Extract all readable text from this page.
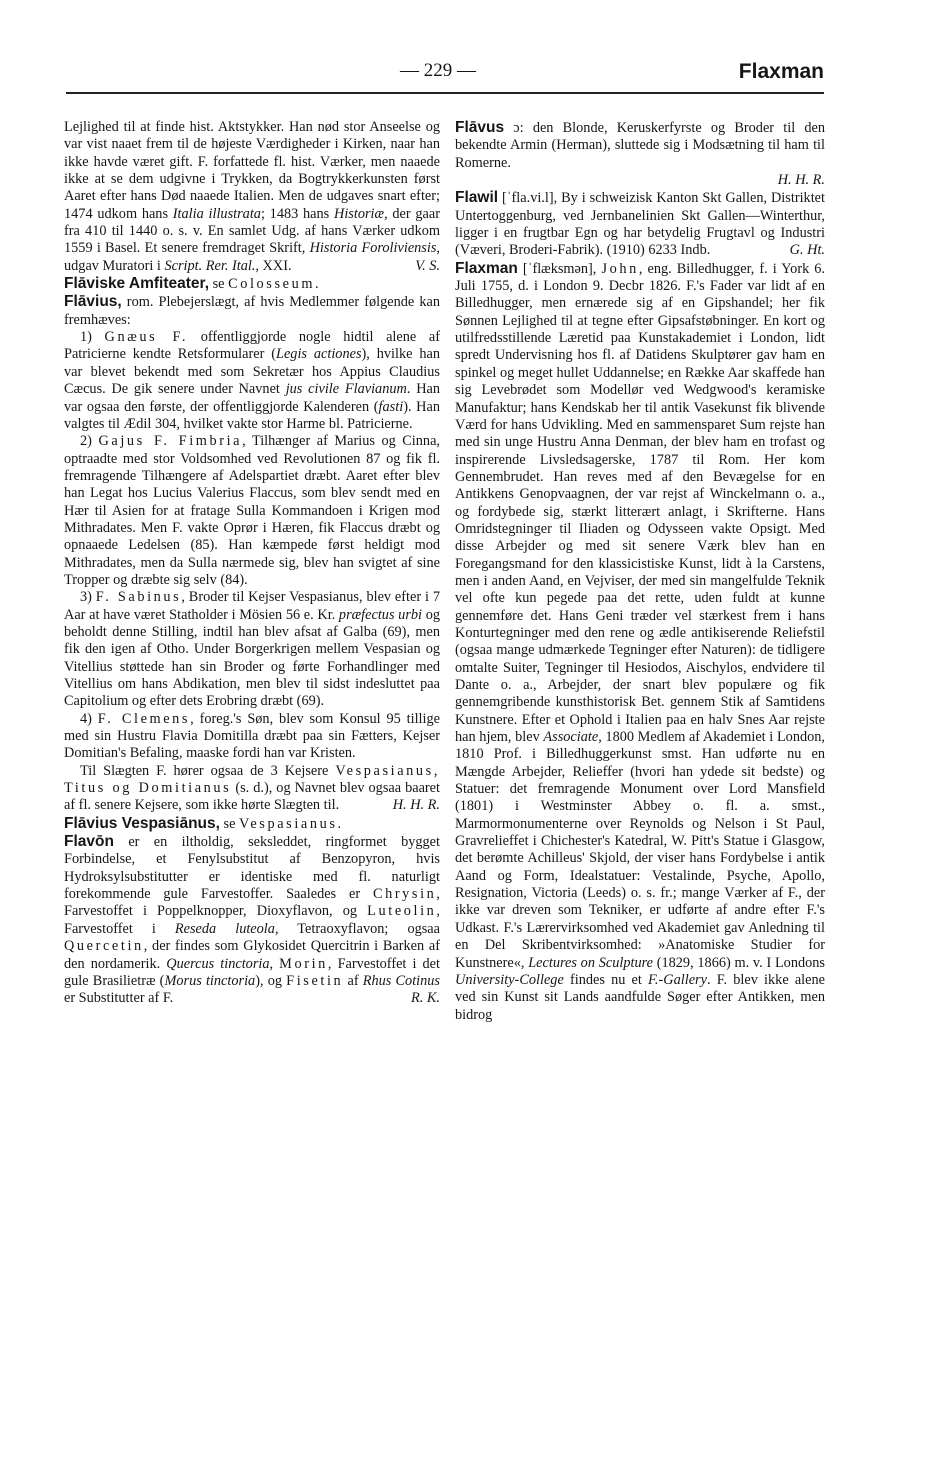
— 229 —	Flaxman

Lejlighed til at finde hist. Aktstykker. Han nød stor Anseelse og var vist naaet frem til de højeste Værdigheder i Kirken, naar han ikke havde været gift. F. forfattede fl. hist. Værker, men naaede ikke at se dem udgivne i Trykken, da Bogtrykkerkunsten først Aaret efter hans Død naaede Italien. Men de udgaves snart efter; 1474 udkom hans Italia illustrata; 1483 hans Historiæ, der gaar fra 410 til 1440 o. s. v. En samlet Udg. af hans Værker udkom 1559 i Basel. Et senere fremdraget Skrift, Historia Foroliviensis, udgav Muratori i Script. Rer. Ital., XXI.	V. S.

Flāviske Amfiteater, se Colosseum.

Flāvius, rom. Plebejerslægt, af hvis Medlemmer følgende kan fremhæves:

1) Gnæus F. offentliggjorde nogle hidtil alene af Patricierne kendte Retsformularer (Legis actiones), hvilke han var blevet bekendt med som Sekretær hos Appius Claudius Cæcus. De gik senere under Navnet jus civile Flavianum. Han var ogsaa den første, der offentliggjorde Kalenderen (fasti). Han valgtes til Ædil 304, hvilket vakte stor Harme bl. Patricierne.

2) Gajus F. Fimbria, Tilhænger af Marius og Cinna, optraadte med stor Voldsomhed ved Revolutionen 87 og fik fl. fremragende Tilhængere af Adelspartiet dræbt. Aaret efter blev han Legat hos Lucius Valerius Flaccus, som blev sendt med en Hær til Asien for at fratage Sulla Kommandoen i Krigen mod Mithradates. Men F. vakte Oprør i Hæren, fik Flaccus dræbt og opnaaede Ledelsen (85). Han kæmpede først heldigt mod Mithradates, men da Sulla nærmede sig, blev han svigtet af sine Tropper og dræbte sig selv (84).

3) F. Sabinus, Broder til Kejser Vespasianus, blev efter i 7 Aar at have været Statholder i Mösien 56 e. Kr. præfectus urbi og beholdt denne Stilling, indtil han blev afsat af Galba (69), men fik den igen af Otho. Under Borgerkrigen mellem Vespasian og Vitellius støttede han sin Broder og førte Forhandlinger med Vitellius om hans Abdikation, men blev til sidst indesluttet paa Capitolium og efter dets Erobring dræbt (69).

4) F. Clemens, foreg.'s Søn, blev som Konsul 95 tillige med sin Hustru Flavia Domitilla dræbt paa sin Fætters, Kejser Domitian's Befaling, maaske fordi han var Kristen.

Til Slægten F. hører ogsaa de 3 Kejsere Vespasianus, Titus og Domitianus (s. d.), og Navnet blev ogsaa baaret af fl. senere Kejsere, som ikke hørte Slægten til.	H. H. R.

Flāvius Vespasiānus, se Vespasianus.

Flavōn er en iltholdig, seksleddet, ringformet bygget Forbindelse, et Fenylsubstitut af Benzopyron, hvis Hydroksylsubstitutter er identiske med fl. naturligt forekommende gule Farvestoffer. Saaledes er Chrysin, Farvestoffet i Poppelknopper, Dioxyflavon, og Luteolin, Farvestoffet i Reseda luteola, Tetraoxyflavon; ogsaa Quercetin, der findes som Glykosidet Quercitrin i Barken af den nordamerik. Quercus tinctoria, Morin, Farvestoffet i det gule Brasilietræ (Morus tinctoria), og Fisetin af Rhus Cotinus er Substitutter af F.	R. K.

Flāvus ɔ: den Blonde, Keruskerfyrste og Broder til den bekendte Armin (Herman), sluttede sig i Modsætning til ham til Romerne.

H. H. R.

Flawil [ˈfla.vi.l], By i schweizisk Kanton Skt Gallen, Distriktet Untertoggenburg, ved Jernbanelinien Skt Gallen—Winterthur, ligger i en frugtbar Egn og har betydelig Frugtavl og Industri (Væveri, Broderi-Fabrik). (1910) 6233 Indb.	G. Ht.

Flaxman [ˈflæksmən], John, eng. Billedhugger, f. i York 6. Juli 1755, d. i London 9. Decbr 1826. F.'s Fader var lidt af en Billedhugger, men ernærede sig af en Gipshandel; her fik Sønnen Lejlighed til at tegne efter Gipsafstøbninger. En kort og utilfredsstillende Læretid paa Kunstakademiet i London, lidt spredt Undervisning hos fl. af Datidens Skulptører gav ham en spinkel og meget hullet Uddannelse; en Række Aar skaffede han sig Levebrødet som Modellør ved Wedgwood's keramiske Manufaktur; hans Kendskab her til antik Vasekunst fik blivende Værd for hans Udvikling. Med en sammensparet Sum rejste han med sin unge Hustru Anna Denman, der blev ham en trofast og inspirerende Livsledsagerske, 1787 til Rom. Her kom Gennembrudet. Han reves med af den Bevægelse for en Antikkens Genopvaagnen, der var rejst af Winckelmann o. a., og fordybede sig, stærkt litterært anlagt, i Skrifterne. Hans Omridstegninger til Iliaden og Odysseen vakte Opsigt. Med disse Arbejder og med sit senere Værk blev han en Foregangsmand for den klassicistiske Kunst, lidt à la Carstens, men i anden Aand, en Vejviser, der med sin mangelfulde Teknik vel ofte kun pegede paa det rette, uden fuldt at kunne gennemføre det. Hans Geni træder vel stærkest frem i hans Konturtegninger med den rene og ædle antikiserende Reliefstil (ogsaa mange udmærkede Tegninger efter Naturen): de tidligere omtalte Suiter, Tegninger til Hesiodos, Aischylos, endvidere til Dante o. a., Arbejder, der snart blev populære og fik gennemgribende kunsthistorisk Bet. gennem Stik af Samtidens Kunstnere. Efter et Ophold i Italien paa en halv Snes Aar rejste han hjem, blev Associate, 1800 Medlem af Akademiet i London, 1810 Prof. i Billedhuggerkunst smst. Han udførte nu en Mængde Arbejder, Relieffer (hvori han ydede sit bedste) og Statuer: det fremragende Monument over Lord Mansfield (1801) i Westminster Abbey o. fl. a. smst., Marmormonumenterne over Reynolds og Nelson i St Paul, Gravrelieffet i Chichester's Katedral, W. Pitt's Statue i Glasgow, det berømte Achilleus' Skjold, der viser hans Fordybelse i antik Aand og Form, Idealstatuer: Vestalinde, Psyche, Apollo, Resignation, Victoria (Leeds) o. s. fr.; mange Værker af F., der ikke var dreven som Tekniker, er udførte af andre efter F.'s Udkast. F.'s Lærervirksomhed ved Akademiet gav Anledning til en Del Skribentvirksomhed: »Anatomiske Studier for Kunstnere«, Lectures on Sculpture (1829, 1866) m. v. I Londons University-College findes nu et F.-Gallery. F. blev ikke alene ved sin Kunst sit Lands aandfulde Søger efter Antikken, men bidrog
